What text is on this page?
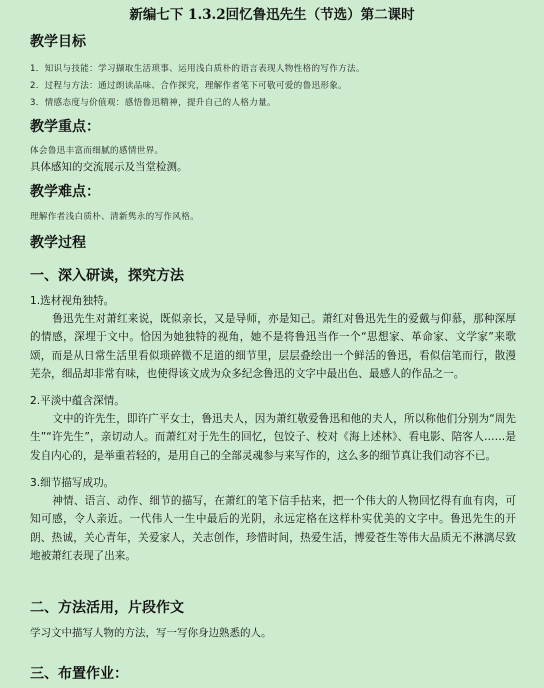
新编七下 1.3.2回忆鲁迅先生（节选）第二课时
教学目标
1．知识与技能：学习撷取生活琐事、运用浅白质朴的语言表现人物性格的写作方法。
2．过程与方法：通过朗读品味、合作探究，理解作者笔下可敬可爱的鲁迅形象。
3．情感态度与价值观：感悟鲁迅精神，提升自己的人格力量。
教学重点：
体会鲁迅丰富而细腻的感情世界。
具体感知的交流展示及当堂检测。
教学难点：
理解作者浅白质朴、清新隽永的写作风格。
教学过程
一、深入研读，探究方法

1.选材视角独特。

鲁迅先生对萧红来说，既似亲长，又是导师，亦是知己。萧红对鲁迅先生的爱戴与仰慕，那种深厚的情感，深埋于文中。恰因为她独特的视角，她不是将鲁迅当作一个“思想家、革命家、文学家”来歌颂，而是从日常生活里看似琐碎微不足道的细节里，层层叠绘出一个鲜活的鲁迅，看似信笔而行，散漫芜杂，细品却非常有味，也使得该文成为众多纪念鲁迅的文字中最出色、最感人的作品之一。

2.平淡中蕴含深情。

文中的许先生，即许广平女士，鲁迅夫人，因为萧红敬爱鲁迅和他的夫人，所以称他们分别为“周先生”“许先生”，亲切动人。而萧红对于先生的回忆，包饺子、校对《海上述林》、看电影、陪客人……是发自内心的，是举重若轻的，是用自己的全部灵魂参与来写作的，这么多的细节真让我们动容不已。

3.细节描写成功。

神情、语言、动作、细节的描写，在萧红的笔下信手拈来，把一个伟大的人物回忆得有血有肉，可知可感，令人亲近。一代伟人一生中最后的光阴，永远定格在这样朴实优美的文字中。鲁迅先生的开朗、热诚，关心青年，关爱家人，关志创作，珍惜时间，热爱生活，博爱苍生等伟大品质无不淋漓尽致地被萧红表现了出来。

二、方法活用，片段作文
学习文中描写人物的方法，写一写你身边熟悉的人。
三、布置作业：
